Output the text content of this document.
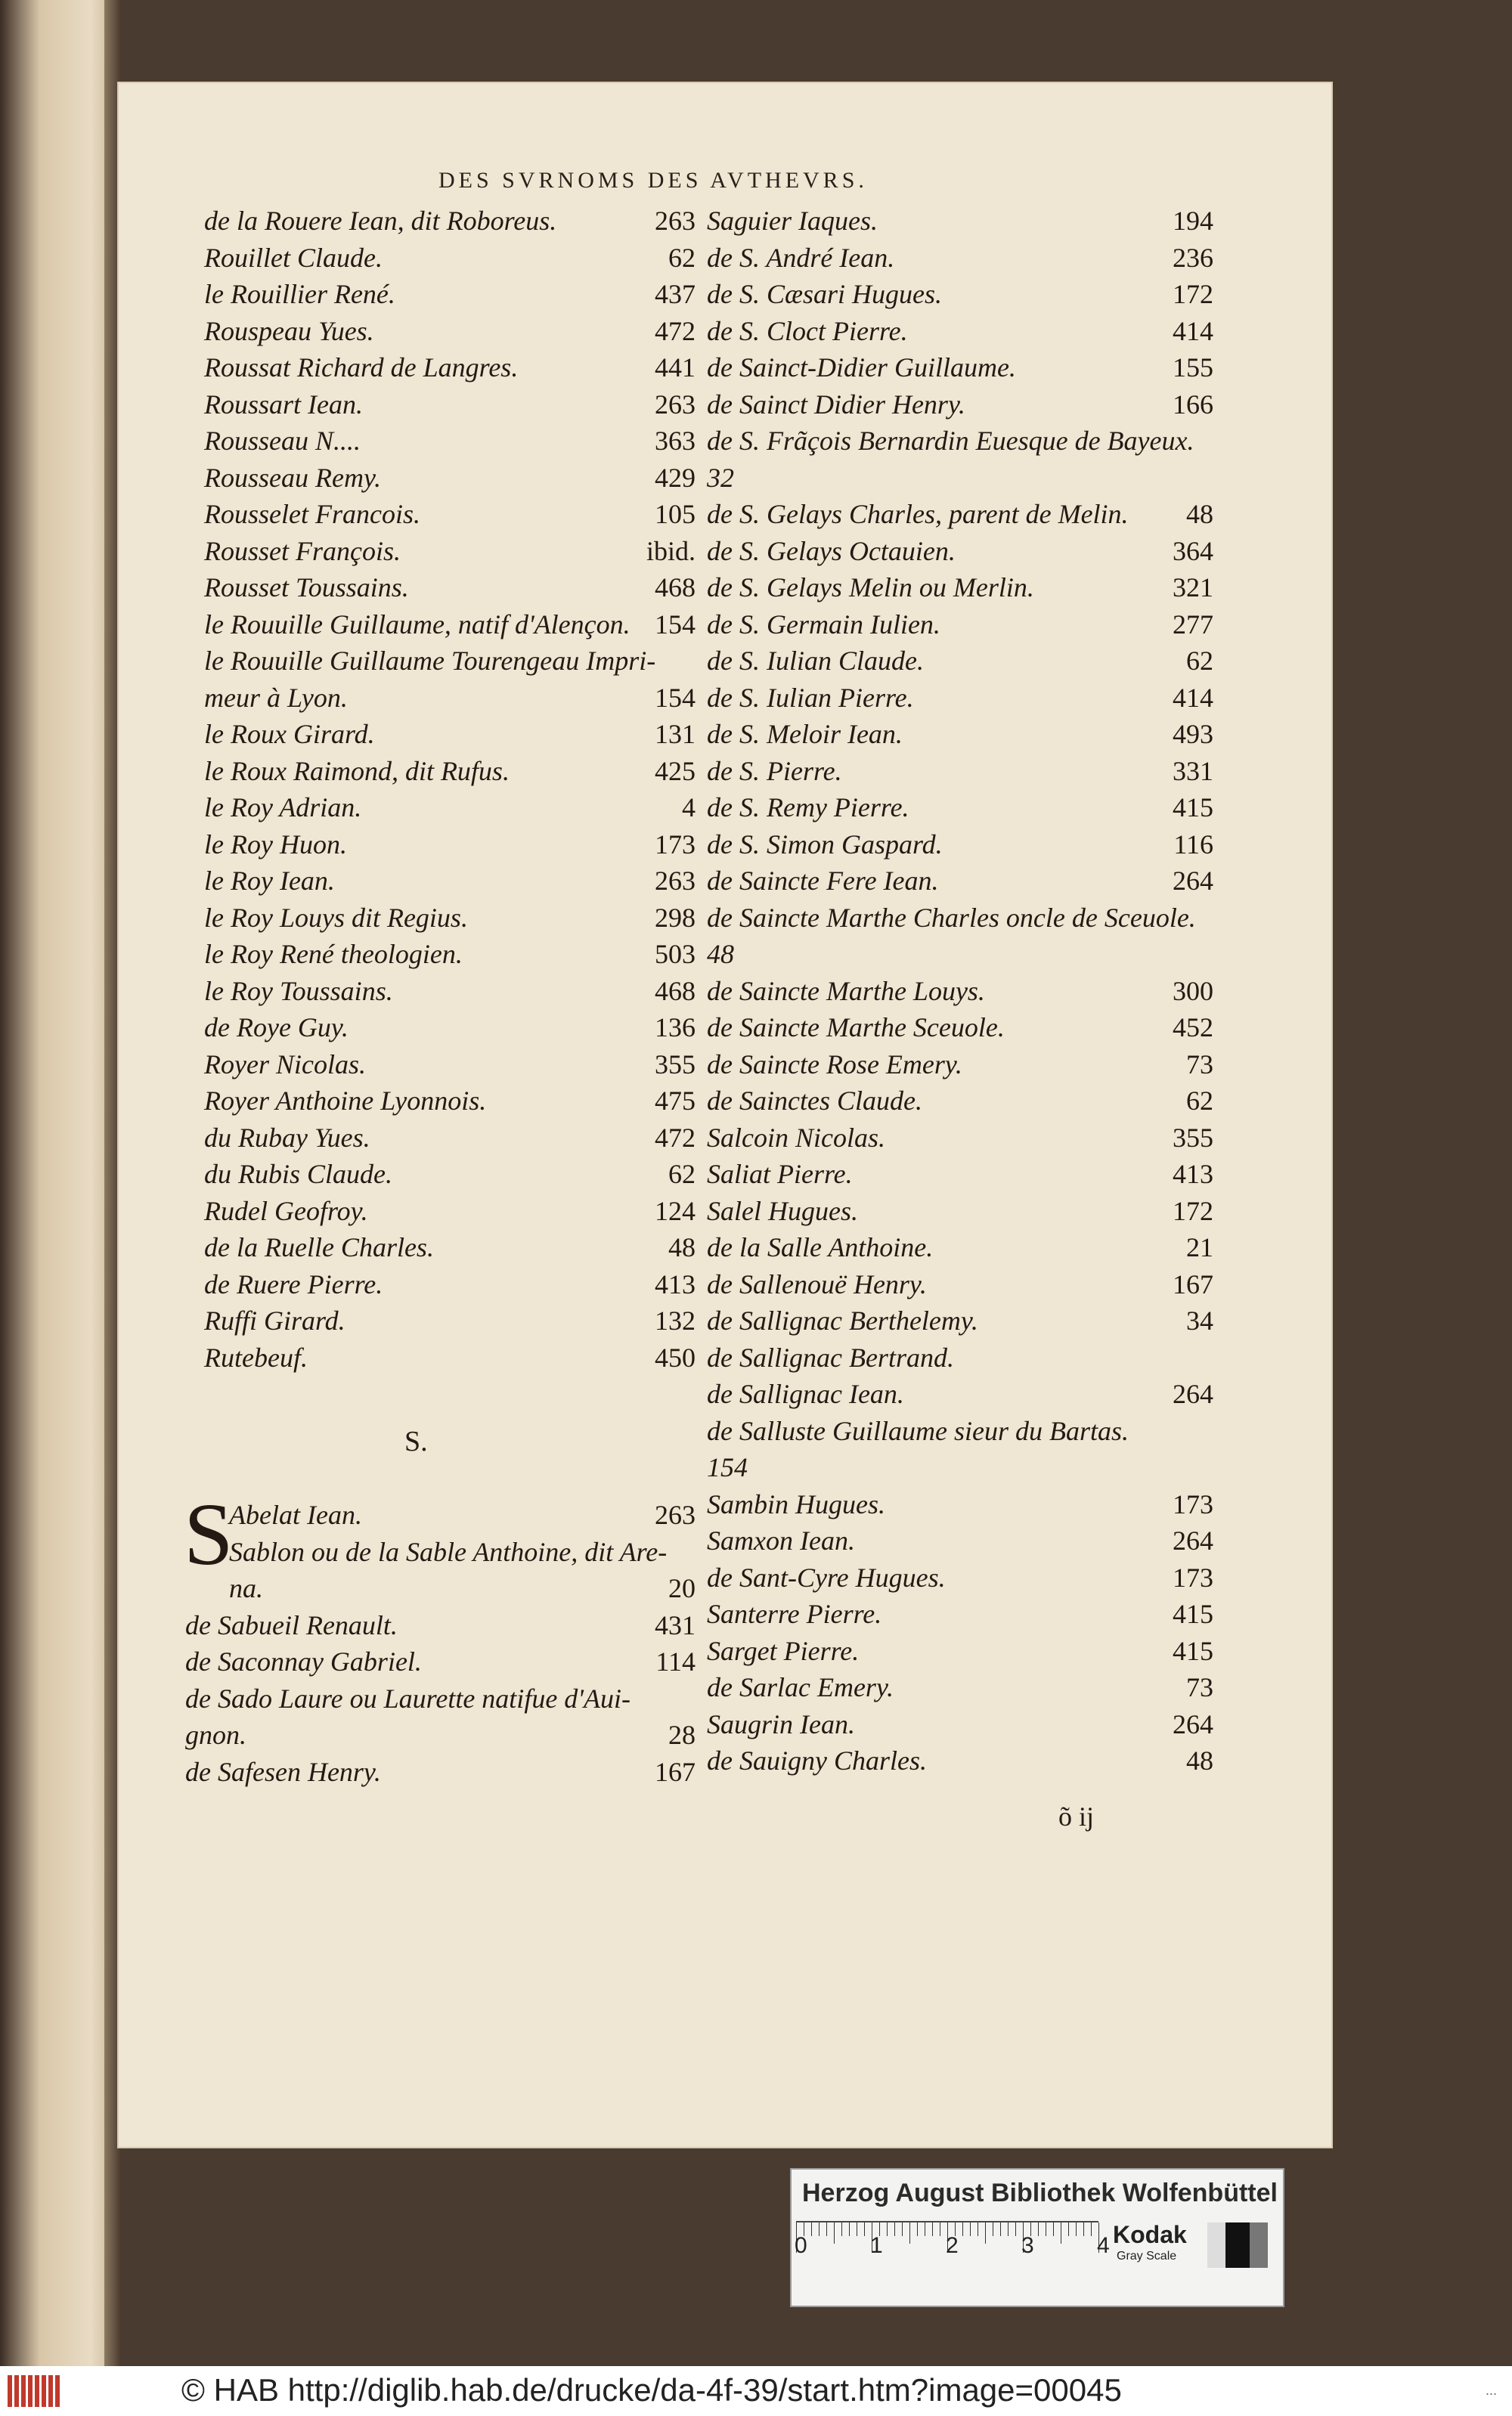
DES SVRNOMS DES AVTHEVRS.
de la Rouere Iean, dit Roboreus.	263
Rouillet Claude.	62
le Rouillier René.	437
Rouspeau Yues.	472
Roussat Richard de Langres.	441
Roussart Iean.	263
Rousseau N....	363
Rousseau Remy.	429
Rousselet Francois.	105
Rousset François.	ibid.
Rousset Toussains.	468
le Rouuille Guillaume, natif d'Alençon. 154
le Rouuille Guillaume Tourengeau Impri-
meur à Lyon.	154
le Roux Girard.	131
le Roux Raimond, dit Rufus.	425
le Roy Adrian.	4
le Roy Huon.	173
le Roy Iean.	263
le Roy Louys dit Regius.	298
le Roy René theologien.	503
le Roy Toussains.	468
de Roye Guy.	136
Royer Nicolas.	355
Royer Anthoine Lyonnois.	475
du Rubay Yues.	472
du Rubis Claude.	62
Rudel Geofroy.	124
de la Ruelle Charles.	48
de Ruere Pierre.	413
Ruffi Girard.	132
Rutebeuf.	450
S.
S
Abelat Iean.	263
Sablon ou de la Sable Anthoine, dit Are-
na.	20
de Sabueil Renault.	431
de Saconnay Gabriel.	114
de Sado Laure ou Laurette natifue d'Aui-
gnon.	28
de Safesen Henry.	167
Saguier Iaques.	194
de S. André Iean.	236
de S. Cæsari Hugues.	172
de S. Cloct Pierre.	414
de Sainct-Didier Guillaume.	155
de Sainct Didier Henry.	166
de S. Frãçois Bernardin Euesque de Bayeux.
32
de S. Gelays Charles, parent de Melin. 48
de S. Gelays Octauien.	364
de S. Gelays Melin ou Merlin.	321
de S. Germain Iulien.	277
de S. Iulian Claude.	62
de S. Iulian Pierre.	414
de S. Meloir Iean.	493
de S. Pierre.	331
de S. Remy Pierre.	415
de S. Simon Gaspard.	116
de Saincte Fere Iean.	264
de Saincte Marthe Charles oncle de Sceuole.
48
de Saincte Marthe Louys.	300
de Saincte Marthe Sceuole.	452
de Saincte Rose Emery.	73
de Sainctes Claude.	62
Salcoin Nicolas.	355
Saliat Pierre.	413
Salel Hugues.	172
de la Salle Anthoine.	21
de Sallenouë Henry.	167
de Sallignac Berthelemy.	34
de Sallignac Bertrand.
de Sallignac Iean.	264
de Salluste Guillaume sieur du Bartas.
154
Sambin Hugues.	173
Samxon Iean.	264
de Sant-Cyre Hugues.	173
Santerre Pierre.	415
Sarget Pierre.	415
de Sarlac Emery.	73
Saugrin Iean.	264
de Sauigny Charles.	48
õ ij
Herzog August Bibliothek Wolfenbüttel
0	1	2	3	4 Kodak
Gray Scale
© HAB http://diglib.hab.de/drucke/da-4f-39/start.htm?image=00045	...
